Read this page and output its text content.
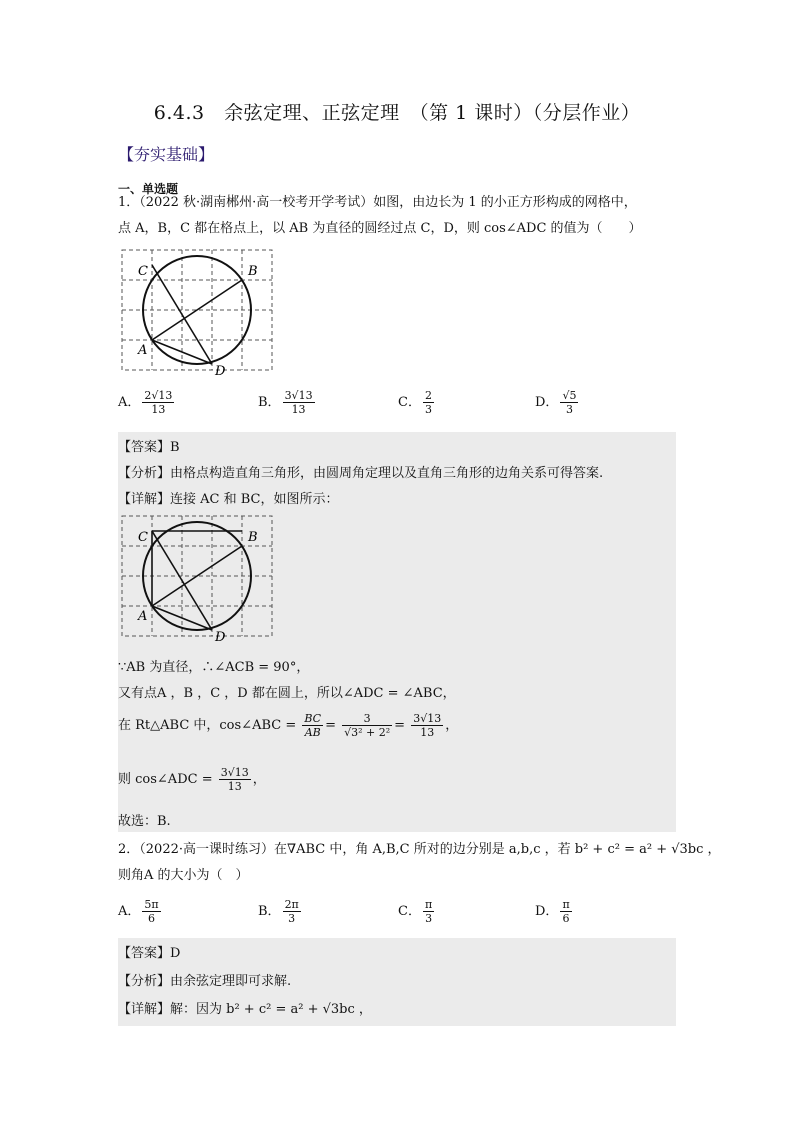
6.4.3　余弦定理、正弦定理　（第 1 课时）（分层作业）
【夯实基础】
一、单选题
1．（2022 秋·湖南郴州·高一校考开学考试）如图，由边长为 1 的小正方形构成的网格中，
点 A，B，C 都在格点上，以 AB 为直径的圆经过点 C，D，则 cos∠ADC 的值为（　　）
C	B
A
D
A． $\frac{2√13}{13}$	B． $\frac{3√13}{13}$	C． $\frac{2}{3}$	D． $\frac{√5}{3}$
【答案】B
【分析】由格点构造直角三角形，由圆周角定理以及直角三角形的边角关系可得答案.
【详解】连接 AC 和 BC，如图所示：
C	B
A
D
∵AB 为直径，∴∠ACB = 90°，
又有点A ，B ，C ，D 都在圆上，所以∠ADC = ∠ABC，
在 Rt△ABC 中，cos∠ABC = $\frac{BC}{AB} = \frac{3}{\text{√3² + 2²}} = \frac{3√13}{13}$ ，
则 cos∠ADC = $\frac{3√13}{13}$ ，
故选：B.
2．（2022·高一课时练习）在∇ABC 中，角 A,B,C 所对的边分别是 a,b,c ，若 b² + c² = a² + √3bc ，
则角A 的大小为（　）
A． $\frac{5\pi}{6}$	B． $\frac{2\pi}{3}$	C． $\frac{\pi}{3}$	D． $\frac{\pi}{6}$
【答案】D
【分析】由余弦定理即可求解.
【详解】解：因为 b² + c² = a² + √3bc ，
